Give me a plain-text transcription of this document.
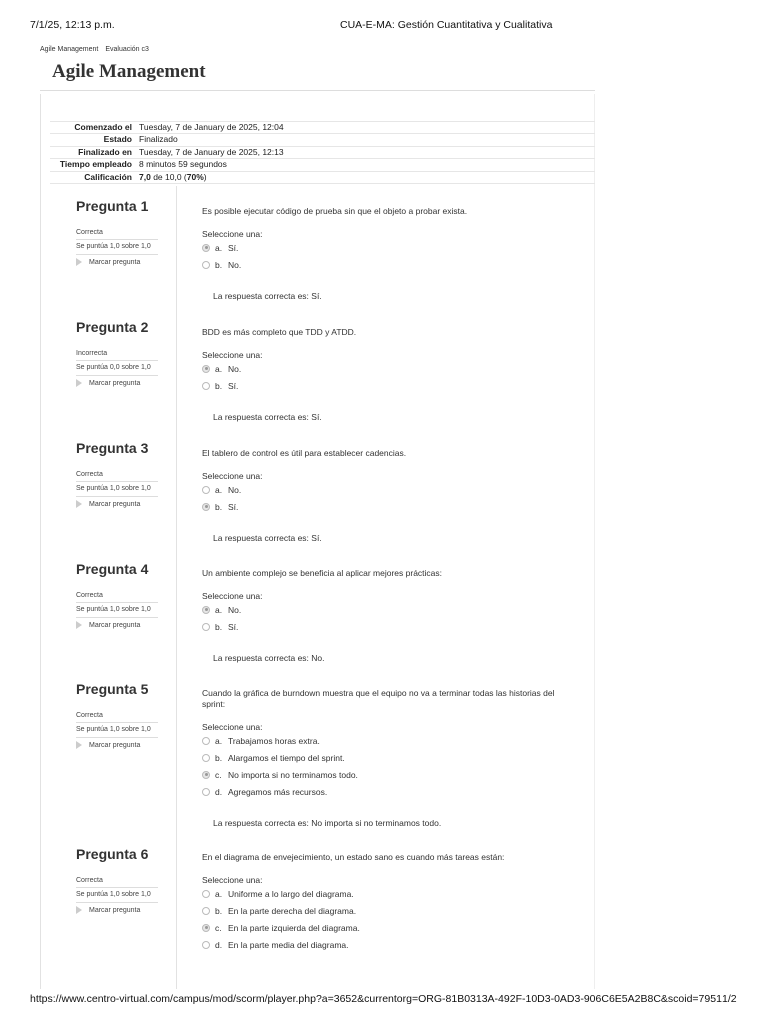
7/1/25, 12:13 p.m.	CUA-E-MA: Gestión Cuantitativa y Cualitativa
Agile Management Evaluación c3
Agile Management
Comenzado el Tuesday, 7 de January de 2025, 12:04
Estado Finalizado
Finalizado en Tuesday, 7 de January de 2025, 12:13
Tiempo empleado 8 minutos 59 segundos
Calificación 7,0 de 10,0 (70%)
Pregunta 1
Correcta
Se puntúa 1,0 sobre 1,0
Marcar pregunta
Es posible ejecutar código de prueba sin que el objeto a probar exista.
Seleccione una:
a. Sí.
b. No.
La respuesta correcta es: Sí.
Pregunta 2
Incorrecta
Se puntúa 0,0 sobre 1,0
Marcar pregunta
BDD es más completo que TDD y ATDD.
Seleccione una:
a. No.
b. Sí.
La respuesta correcta es: Sí.
Pregunta 3
Correcta
Se puntúa 1,0 sobre 1,0
Marcar pregunta
El tablero de control es útil para establecer cadencias.
Seleccione una:
a. No.
b. Sí.
La respuesta correcta es: Sí.
Pregunta 4
Correcta
Se puntúa 1,0 sobre 1,0
Marcar pregunta
Un ambiente complejo se beneficia al aplicar mejores prácticas:
Seleccione una:
a. No.
b. Sí.
La respuesta correcta es: No.
Pregunta 5
Correcta
Se puntúa 1,0 sobre 1,0
Marcar pregunta
Cuando la gráfica de burndown muestra que el equipo no va a terminar todas las historias del sprint:
Seleccione una:
a. Trabajamos horas extra.
b. Alargamos el tiempo del sprint.
c. No importa si no terminamos todo.
d. Agregamos más recursos.
La respuesta correcta es: No importa si no terminamos todo.
Pregunta 6
Correcta
Se puntúa 1,0 sobre 1,0
Marcar pregunta
En el diagrama de envejecimiento, un estado sano es cuando más tareas están:
Seleccione una:
a. Uniforme a lo largo del diagrama.
b. En la parte derecha del diagrama.
c. En la parte izquierda del diagrama.
d. En la parte media del diagrama.
https://www.centro-virtual.com/campus/mod/scorm/player.php?a=3652&currentorg=ORG-81B0313A-492F-10D3-0AD3-906C6E5A2B8C&scoid=7951 1/2
